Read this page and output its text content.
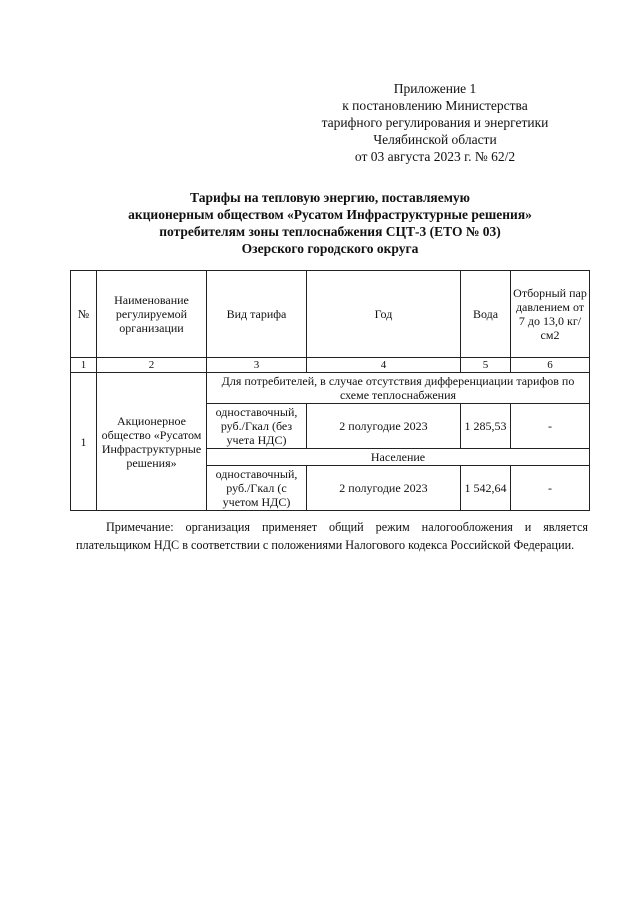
Приложение 1
к постановлению Министерства
тарифного регулирования и энергетики
Челябинской области
от 03 августа 2023 г. № 62/2
Тарифы на тепловую энергию, поставляемую
акционерным обществом «Русатом Инфраструктурные решения»
потребителям зоны теплоснабжения СЦТ-3 (ЕТО № 03)
Озерского городского округа
№	Наименование регулируемой организации	Вид тарифа	Год	Вода	Отборный пар давлением от 7 до 13,0 кг/см2
1	2	3	4	5	6
1	Акционерное общество «Русатом Инфраструктурные решения»	Для потребителей, в случае отсутствия дифференциации тарифов по схеме теплоснабжения			
		одноставочный, руб./Гкал (без учета НДС)	2 полугодие 2023	1 285,53	-
		Население			
		одноставочный, руб./Гкал (с учетом НДС)	2 полугодие 2023	1 542,64	-
Примечание: организация применяет общий режим налогообложения и является плательщиком НДС в соответствии с положениями Налогового кодекса Российской Федерации.
